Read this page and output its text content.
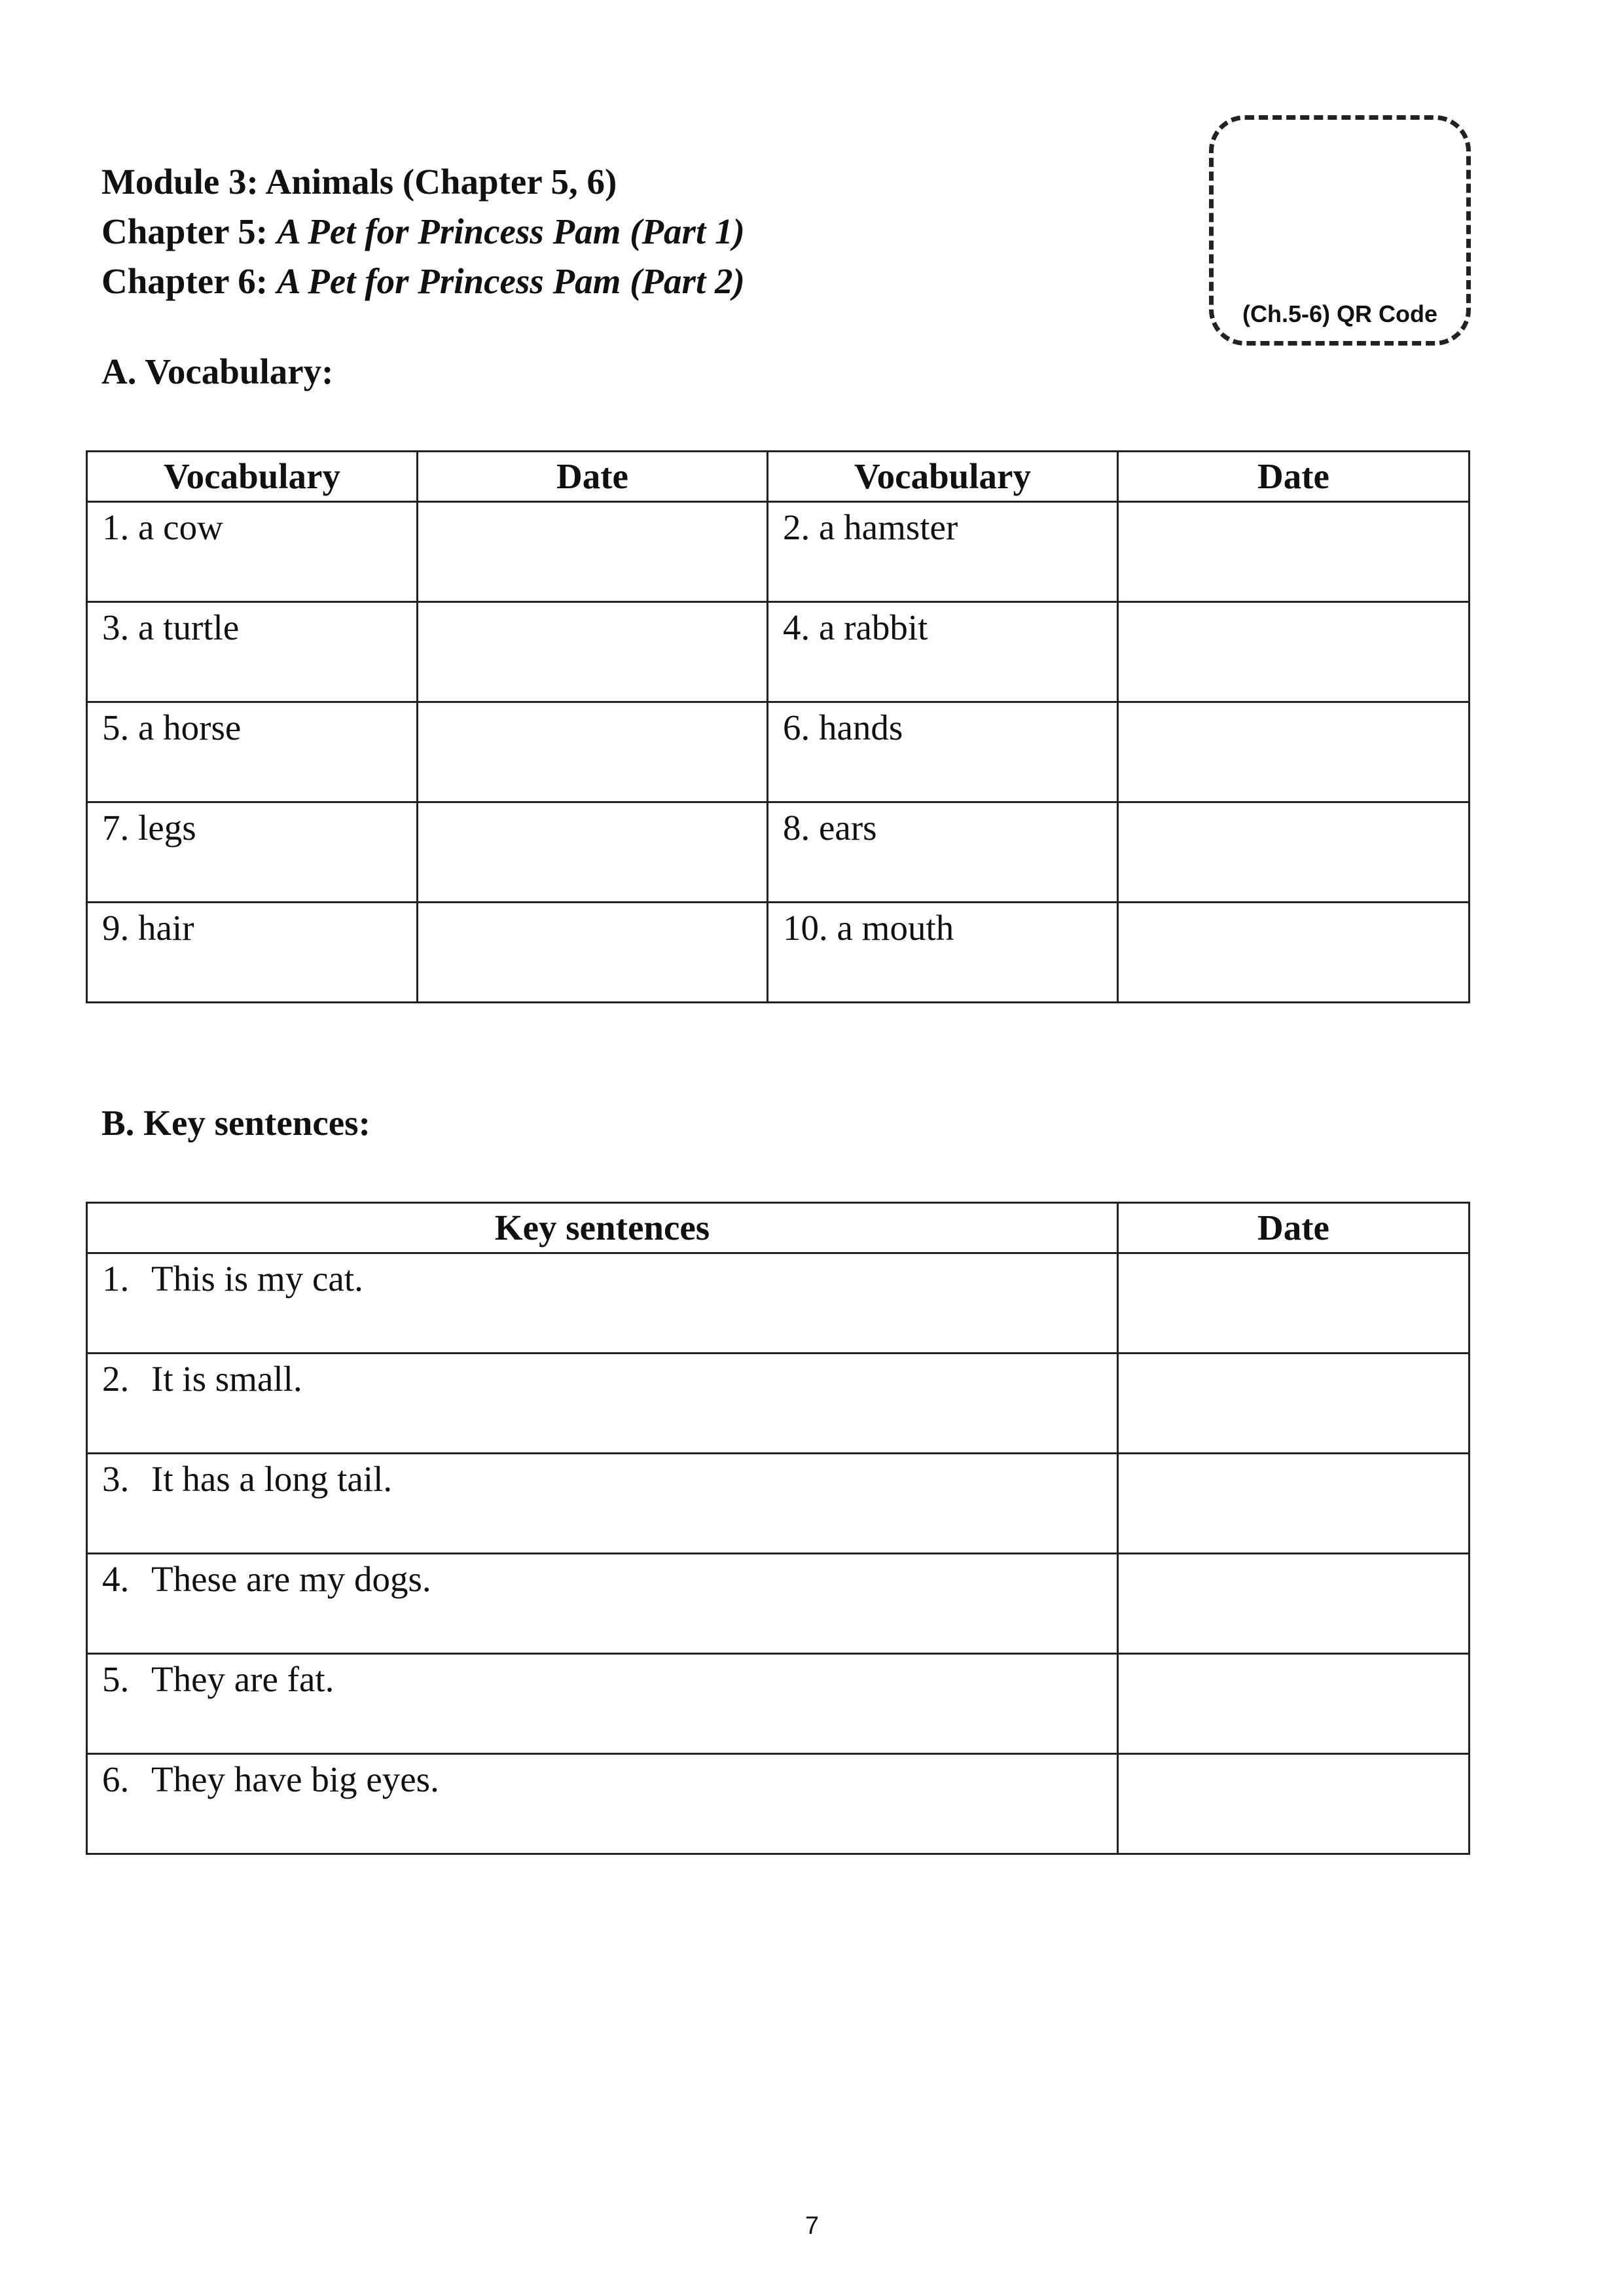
Module 3: Animals (Chapter 5, 6)
Chapter 5: A Pet for Princess Pam (Part 1)
Chapter 6: A Pet for Princess Pam (Part 2)
(Ch.5-6) QR Code
A. Vocabulary:
Vocabulary	Date	Vocabulary	Date

1. a cow		2. a hamster	

3. a turtle		4. a rabbit	

5. a horse		6. hands	

7. legs		8. ears	

9. hair		10. a mouth	

B. Key sentences:
Key sentences	Date

1. This is my cat.	

2. It is small.	

3. It has a long tail.	

4. These are my dogs.	

5. They are fat.	

6. They have big eyes.	

7
